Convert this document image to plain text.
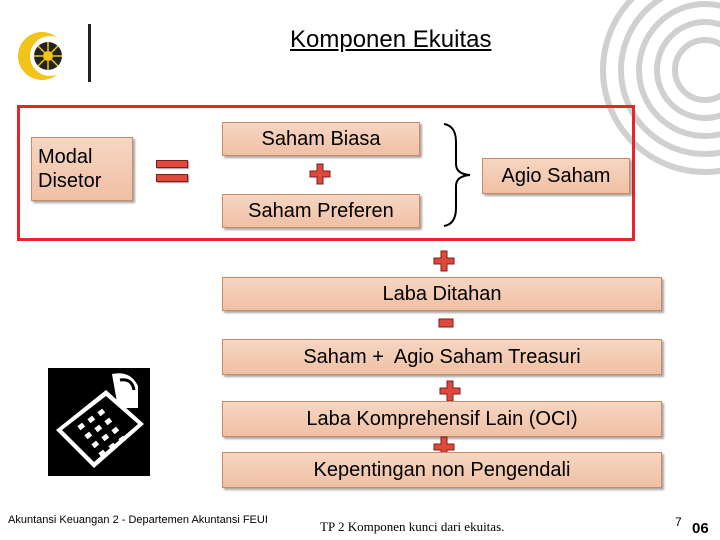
Komponen Ekuitas
Modal
Disetor
Saham Biasa
Saham Preferen
Agio Saham
Laba Ditahan
Saham +  Agio Saham Treasuri
Laba Komprehensif Lain (OCI)
Kepentingan non Pengendali
Akuntansi Keuangan 2 - Departemen Akuntansi FEUI	TP 2 Komponen kunci dari ekuitas.	7 06
